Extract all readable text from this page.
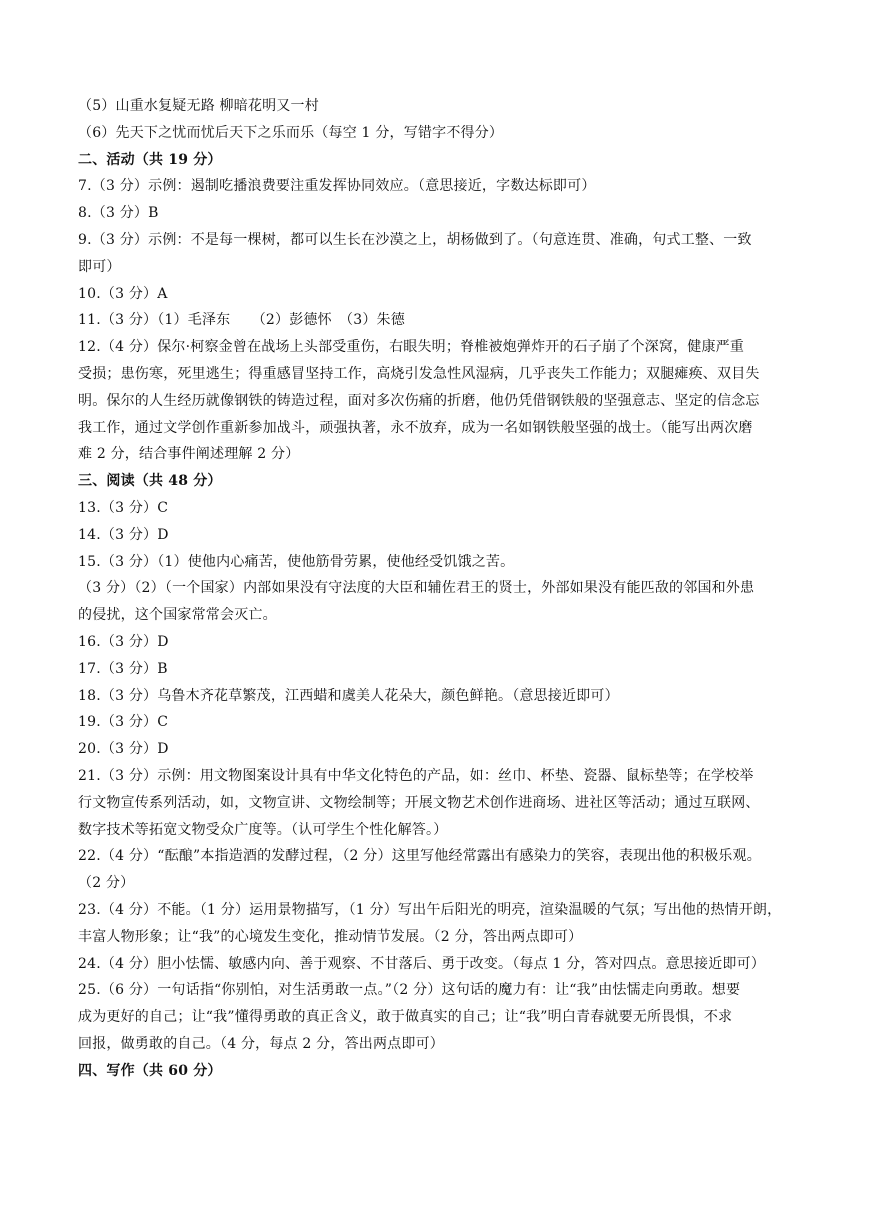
（5）山重水复疑无路 柳暗花明又一村
（6）先天下之忧而忧后天下之乐而乐（每空 1 分，写错字不得分）
二、活动（共 19 分）
7.（3 分）示例：遏制吃播浪费要注重发挥协同效应。（意思接近，字数达标即可）
8.（3 分）B
9.（3 分）示例：不是每一棵树，都可以生长在沙漠之上，胡杨做到了。（句意连贯、准确，句式工整、一致
即可）
10.（3 分）A
11.（3 分）（1）毛泽东　　（2）彭德怀　（3）朱德
12.（4 分）保尔·柯察金曾在战场上头部受重伤，右眼失明；脊椎被炮弹炸开的石子崩了个深窝，健康严重
受损；患伤寒，死里逃生；得重感冒坚持工作，高烧引发急性风湿病，几乎丧失工作能力；双腿瘫痪、双目失
明。保尔的人生经历就像钢铁的铸造过程，面对多次伤痛的折磨，他仍凭借钢铁般的坚强意志、坚定的信念忘
我工作，通过文学创作重新参加战斗，顽强执著，永不放弃，成为一名如钢铁般坚强的战士。（能写出两次磨
难 2 分，结合事件阐述理解 2 分）
三、阅读（共 48 分）
13.（3 分）C
14.（3 分）D
15.（3 分）（1）使他内心痛苦，使他筋骨劳累，使他经受饥饿之苦。
（3 分）（2）（一个国家）内部如果没有守法度的大臣和辅佐君王的贤士，外部如果没有能匹敌的邻国和外患
的侵扰，这个国家常常会灭亡。
16.（3 分）D
17.（3 分）B
18.（3 分）乌鲁木齐花草繁茂，江西蜡和虞美人花朵大，颜色鲜艳。（意思接近即可）
19.（3 分）C
20.（3 分）D
21.（3 分）示例：用文物图案设计具有中华文化特色的产品，如：丝巾、杯垫、瓷器、鼠标垫等；在学校举
行文物宣传系列活动，如，文物宣讲、文物绘制等；开展文物艺术创作进商场、进社区等活动；通过互联网、
数字技术等拓宽文物受众广度等。（认可学生个性化解答。）
22.（4 分）“酝酿”本指造酒的发酵过程，（2 分）这里写他经常露出有感染力的笑容，表现出他的积极乐观。
（2 分）
23.（4 分）不能。（1 分）运用景物描写，（1 分）写出午后阳光的明亮，渲染温暖的气氛；写出他的热情开朗，
丰富人物形象；让“我”的心境发生变化，推动情节发展。（2 分，答出两点即可）
24.（4 分）胆小怯懦、敏感内向、善于观察、不甘落后、勇于改变。（每点 1 分，答对四点。意思接近即可）
25.（6 分）一句话指“你别怕，对生活勇敢一点。”（2 分）这句话的魔力有：让“我”由怯懦走向勇敢。想要
成为更好的自己；让“我”懂得勇敢的真正含义，敢于做真实的自己；让“我”明白青春就要无所畏惧，不求
回报，做勇敢的自己。（4 分，每点 2 分，答出两点即可）
四、写作（共 60 分）
